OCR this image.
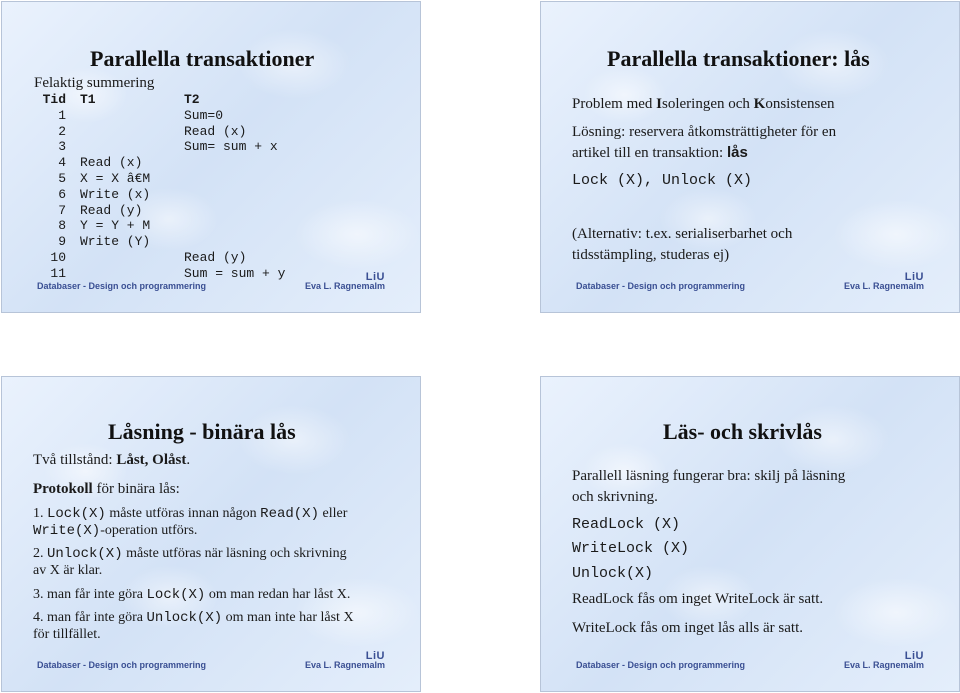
Parallella transaktioner
Felaktig summering
Tid	T1	T2
1		Sum=0
2		Read (x)
3		Sum= sum + x
4	Read (x)	
5	X = X â€M	
6	Write (x)	
7	Read (y)	
8	Y = Y + M	
9	Write (Y)	
10		Read (y)
11		Sum = sum + y	LiU
Databaser - Design och programmering	Eva L. Ragnemalm
Parallella transaktioner: lås
Problem med Isoleringen och Konsistensen
Lösning: reservera åtkomsträttigheter för en
artikel till en transaktion: lås
Lock (X), Unlock (X)
(Alternativ: t.ex. serialiserbarhet och
tidsstämpling, studeras ej)
LiU
Databaser - Design och programmering	Eva L. Ragnemalm
Låsning - binära lås
Två tillstånd: Låst, Olåst.
Protokoll för binära lås:
1. Lock(X) måste utföras innan någon Read(X) eller
Write(X)-operation utförs.
2. Unlock(X) måste utföras när läsning och skrivning
av X är klar.
3. man får inte göra Lock(X) om man redan har låst X.
4. man får inte göra Unlock(X) om man inte har låst X
för tillfället.
LiU
Databaser - Design och programmering	Eva L. Ragnemalm
Läs- och skrivlås
Parallell läsning fungerar bra: skilj på läsning
och skrivning.
ReadLock (X)
WriteLock (X)
Unlock(X)
ReadLock fås om inget WriteLock är satt.
WriteLock fås om inget lås alls är satt.
LiU
Databaser - Design och programmering	Eva L. Ragnemalm
